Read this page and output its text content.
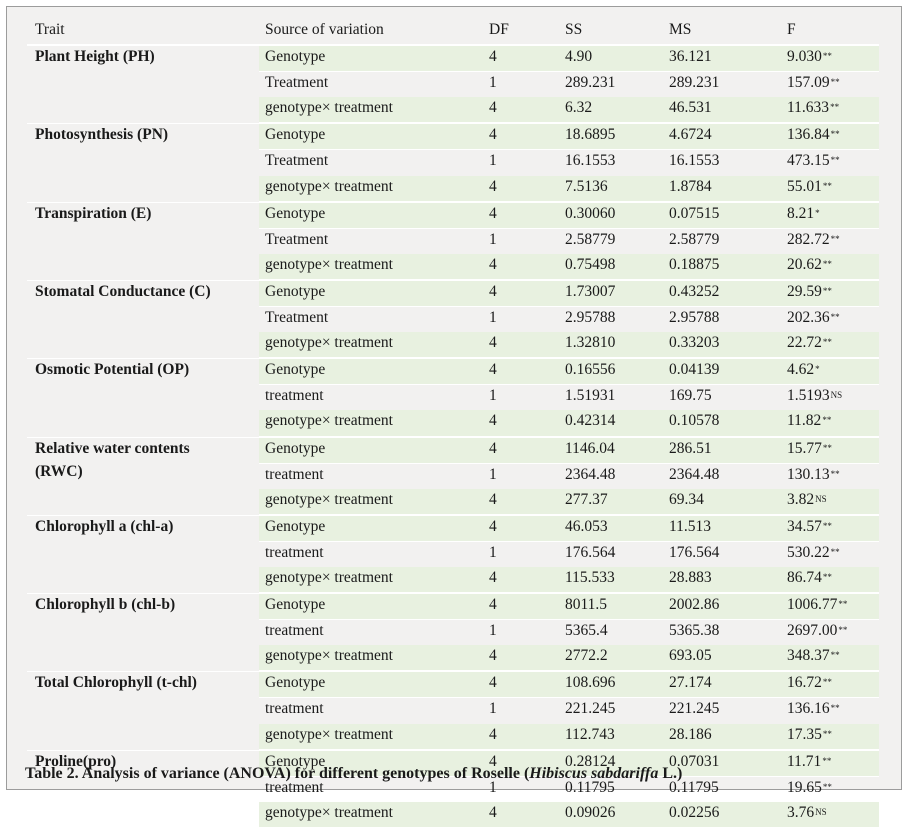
Trait	Source of variation	DF	SS	MS	F

Plant Height (PH)	Genotype	4	4.90	36.121	9.030**
	Treatment	1	289.231	289.231	157.09**
	genotype× treatment	4	6.32	46.531	11.633**

Photosynthesis (PN)	Genotype	4	18.6895	4.6724	136.84**
	Treatment	1	16.1553	16.1553	473.15**
	genotype× treatment	4	7.5136	1.8784	55.01**

Transpiration (E)	Genotype	4	0.30060	0.07515	8.21*
	Treatment	1	2.58779	2.58779	282.72**
	genotype× treatment	4	0.75498	0.18875	20.62**

Stomatal Conductance (C)	Genotype	4	1.73007	0.43252	29.59**
	Treatment	1	2.95788	2.95788	202.36**
	genotype× treatment	4	1.32810	0.33203	22.72**

Osmotic Potential (OP)	Genotype	4	0.16556	0.04139	4.62*
	treatment	1	1.51931	169.75	$1.5193^{NS}$
	genotype× treatment	4	0.42314	0.10578	11.82**

Relative water contents
(RWC)	Genotype	4	1146.04	286.51	15.77**
	treatment	1	2364.48	2364.48	130.13**
	genotype× treatment	4	277.37	69.34	$3.82^{NS}$

Chlorophyll a (chl-a)	Genotype	4	46.053	11.513	34.57**
	treatment	1	176.564	176.564	530.22**
	genotype× treatment	4	115.533	28.883	86.74**

Chlorophyll b (chl-b)	Genotype	4	8011.5	2002.86	1006.77**
	treatment	1	5365.4	5365.38	2697.00**
	genotype× treatment	4	2772.2	693.05	348.37**

Total Chlorophyll (t-chl)	Genotype	4	108.696	27.174	16.72**
	treatment	1	221.245	221.245	136.16**
	genotype× treatment	4	112.743	28.186	17.35**

Proline(pro)	Genotype	4	0.28124	0.07031	11.71**
	treatment	1	0.11795	0.11795	19.65**
	genotype× treatment	4	0.09026	0.02256	$3.76^{NS}$
Table 2. Analysis of variance (ANOVA) for different genotypes of Roselle (Hibiscus sabdariffa L.)
